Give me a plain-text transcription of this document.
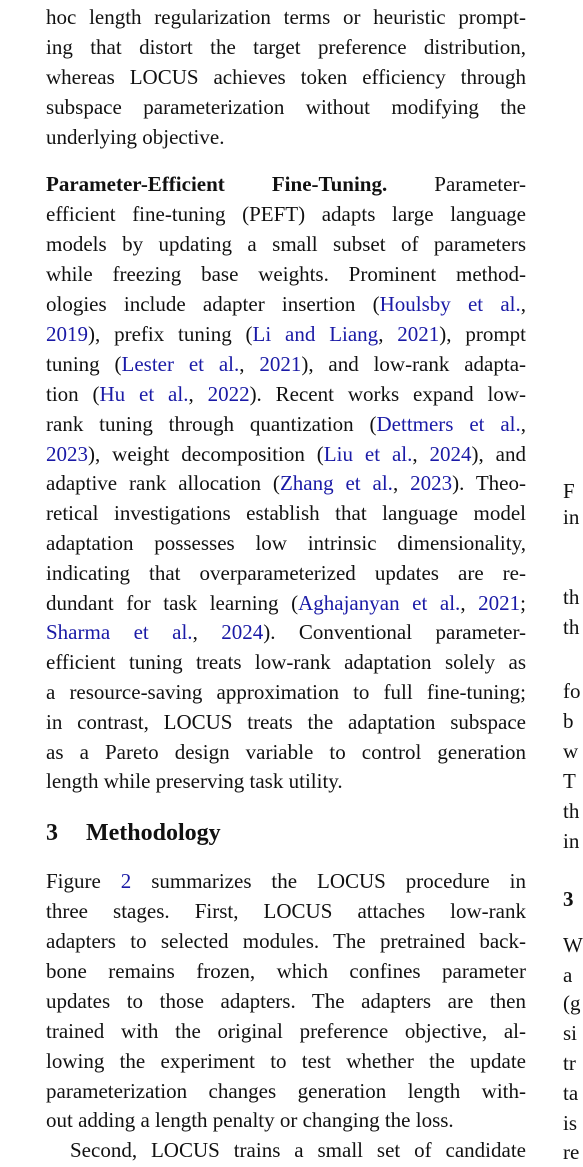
hoc length regularization terms or heuristic prompt-
ing that distort the target preference distribution,
whereas LOCUS achieves token efficiency through
subspace parameterization without modifying the
underlying objective.
Parameter-Efficient Fine-Tuning. Parameter-
efficient fine-tuning (PEFT) adapts large language
models by updating a small subset of parameters
while freezing base weights. Prominent method-
ologies include adapter insertion (Houlsby et al.,
2019), prefix tuning (Li and Liang, 2021), prompt
tuning (Lester et al., 2021), and low-rank adapta-
tion (Hu et al., 2022). Recent works expand low-
rank tuning through quantization (Dettmers et al.,
2023), weight decomposition (Liu et al., 2024), and
adaptive rank allocation (Zhang et al., 2023). Theo-
retical investigations establish that language model
adaptation possesses low intrinsic dimensionality,
indicating that overparameterized updates are re-
dundant for task learning (Aghajanyan et al., 2021;
Sharma et al., 2024). Conventional parameter-
efficient tuning treats low-rank adaptation solely as
a resource-saving approximation to full fine-tuning;
in contrast, LOCUS treats the adaptation subspace
as a Pareto design variable to control generation
length while preserving task utility.
3 Methodology
Figure 2 summarizes the LOCUS procedure in
three stages. First, LOCUS attaches low-rank
adapters to selected modules. The pretrained back-
bone remains frozen, which confines parameter
updates to those adapters. The adapters are then
trained with the original preference objective, al-
lowing the experiment to test whether the update
parameterization changes generation length with-
out adding a length penalty or changing the loss.
Second, LOCUS trains a small set of candidate
F
in
th
th
fo
b
w
T
th
in
3
W
a
(g
si
tr
ta
is
re
